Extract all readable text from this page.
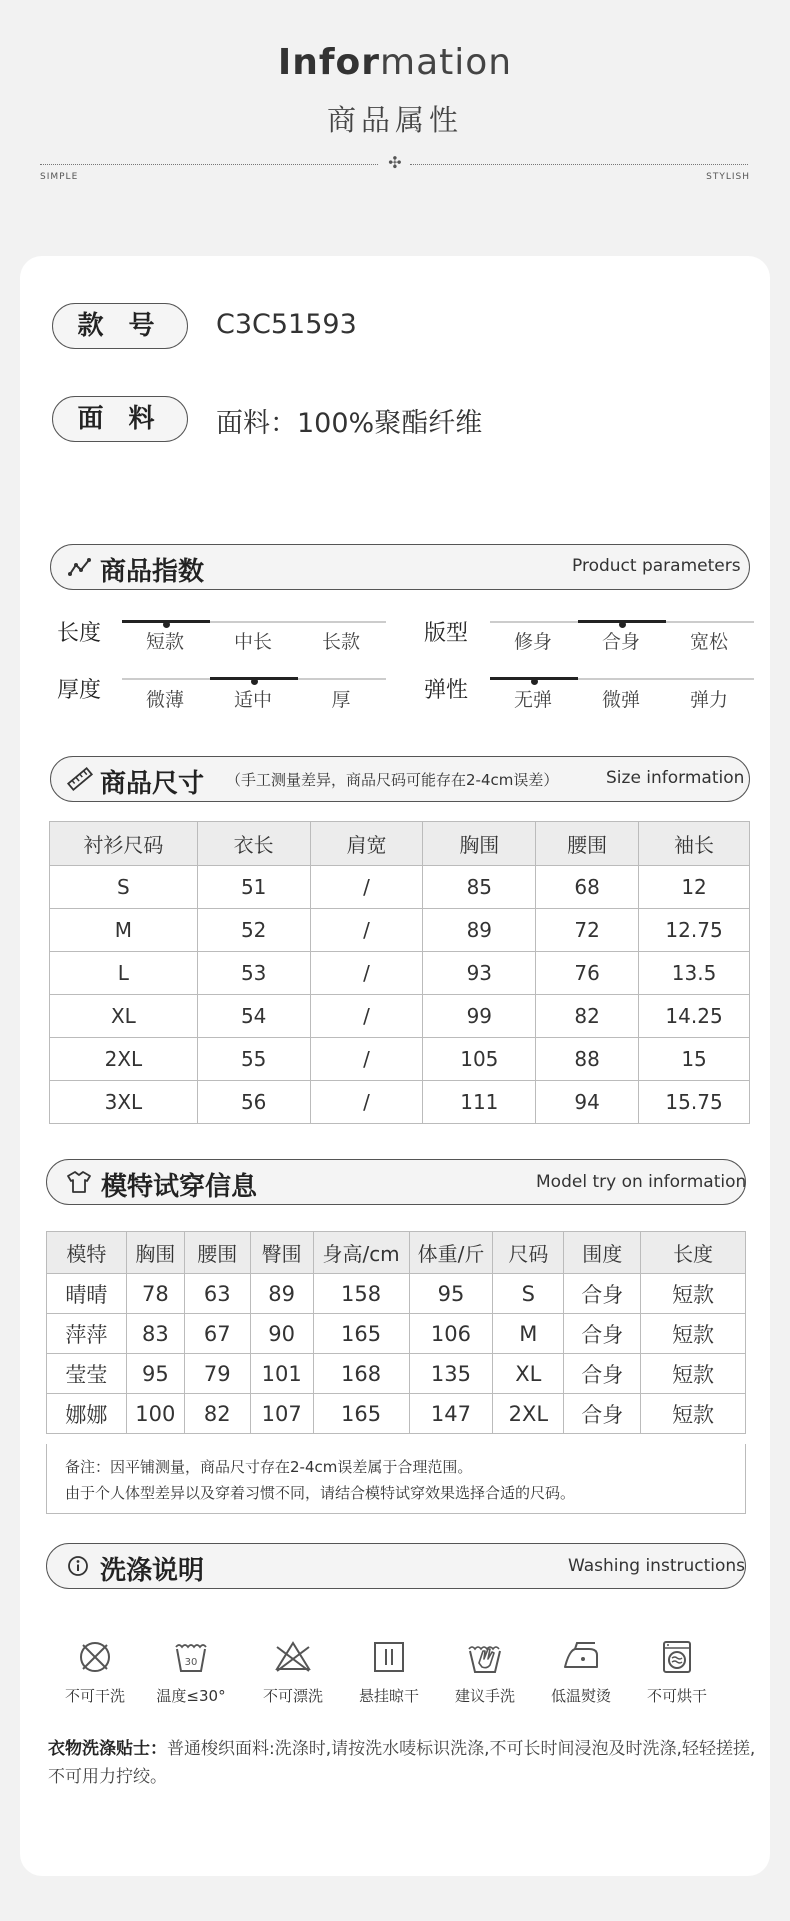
Information
商品属性
✣
SIMPLE	STYLISH
款 号	C3C51593
面 料	面料：100%聚酯纤维
商品指数	Product parameters
长度	短款	中长	长款	版型	修身	合身	宽松
厚度	微薄	适中	厚	弹性	无弹	微弹	弹力
商品尺寸 （手工测量差异，商品尺码可能存在2-4cm误差）	Size information
衬衫尺码	衣长	肩宽	胸围	腰围	袖长
S	51	/	85	68	12
M	52	/	89	72	12.75
L	53	/	93	76	13.5
XL	54	/	99	82	14.25
2XL	55	/	105	88	15
3XL	56	/	111	94	15.75
模特试穿信息	Model try on information
模特	胸围	腰围	臀围	身高/cm	体重/斤	尺码	围度	长度
晴晴	78	63	89	158	95	S	合身	短款
萍萍	83	67	90	165	106	M	合身	短款
莹莹	95	79	101	168	135	XL	合身	短款
娜娜	100	82	107	165	147	2XL	合身	短款
备注：因平铺测量，商品尺寸存在2-4cm误差属于合理范围。
由于个人体型差异以及穿着习惯不同，请结合模特试穿效果选择合适的尺码。
洗涤说明	Washing instructions
不可干洗
30
温度≤30°	不可漂洗	悬挂晾干	建议手洗	低温熨烫	不可烘干
衣物洗涤贴士：普通梭织面料:洗涤时,请按洗水唛标识洗涤,不可长时间浸泡及时洗涤,轻轻搓搓,不可用力拧绞。
